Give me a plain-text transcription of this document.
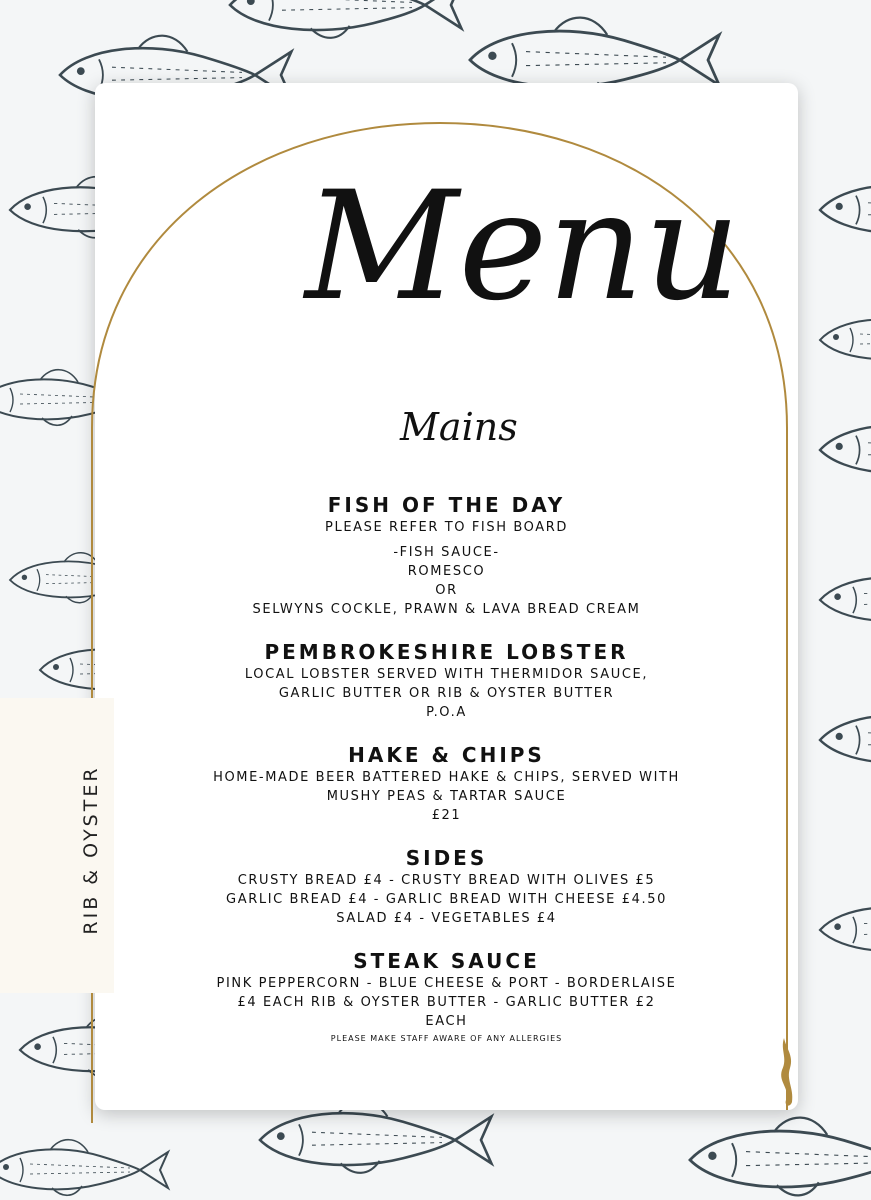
Menu
Mains

FISH OF THE DAY

PLEASE REFER TO FISH BOARD

-FISH SAUCE-

ROMESCO

OR

SELWYNS COCKLE, PRAWN & LAVA BREAD CREAM

PEMBROKESHIRE LOBSTER

LOCAL LOBSTER SERVED WITH THERMIDOR SAUCE,

GARLIC BUTTER OR RIB & OYSTER BUTTER

P.O.A

HAKE & CHIPS

HOME-MADE BEER BATTERED HAKE & CHIPS, SERVED WITH

MUSHY PEAS & TARTAR SAUCE

£21

SIDES

CRUSTY BREAD £4 - CRUSTY BREAD WITH OLIVES £5

GARLIC BREAD £4 - GARLIC BREAD WITH CHEESE £4.50

SALAD £4 - VEGETABLES £4

STEAK SAUCE

PINK PEPPERCORN - BLUE CHEESE & PORT - BORDERLAISE

£4 EACH RIB & OYSTER BUTTER - GARLIC BUTTER £2

EACH

PLEASE MAKE STAFF AWARE OF ANY ALLERGIES

RIB & OYSTER
